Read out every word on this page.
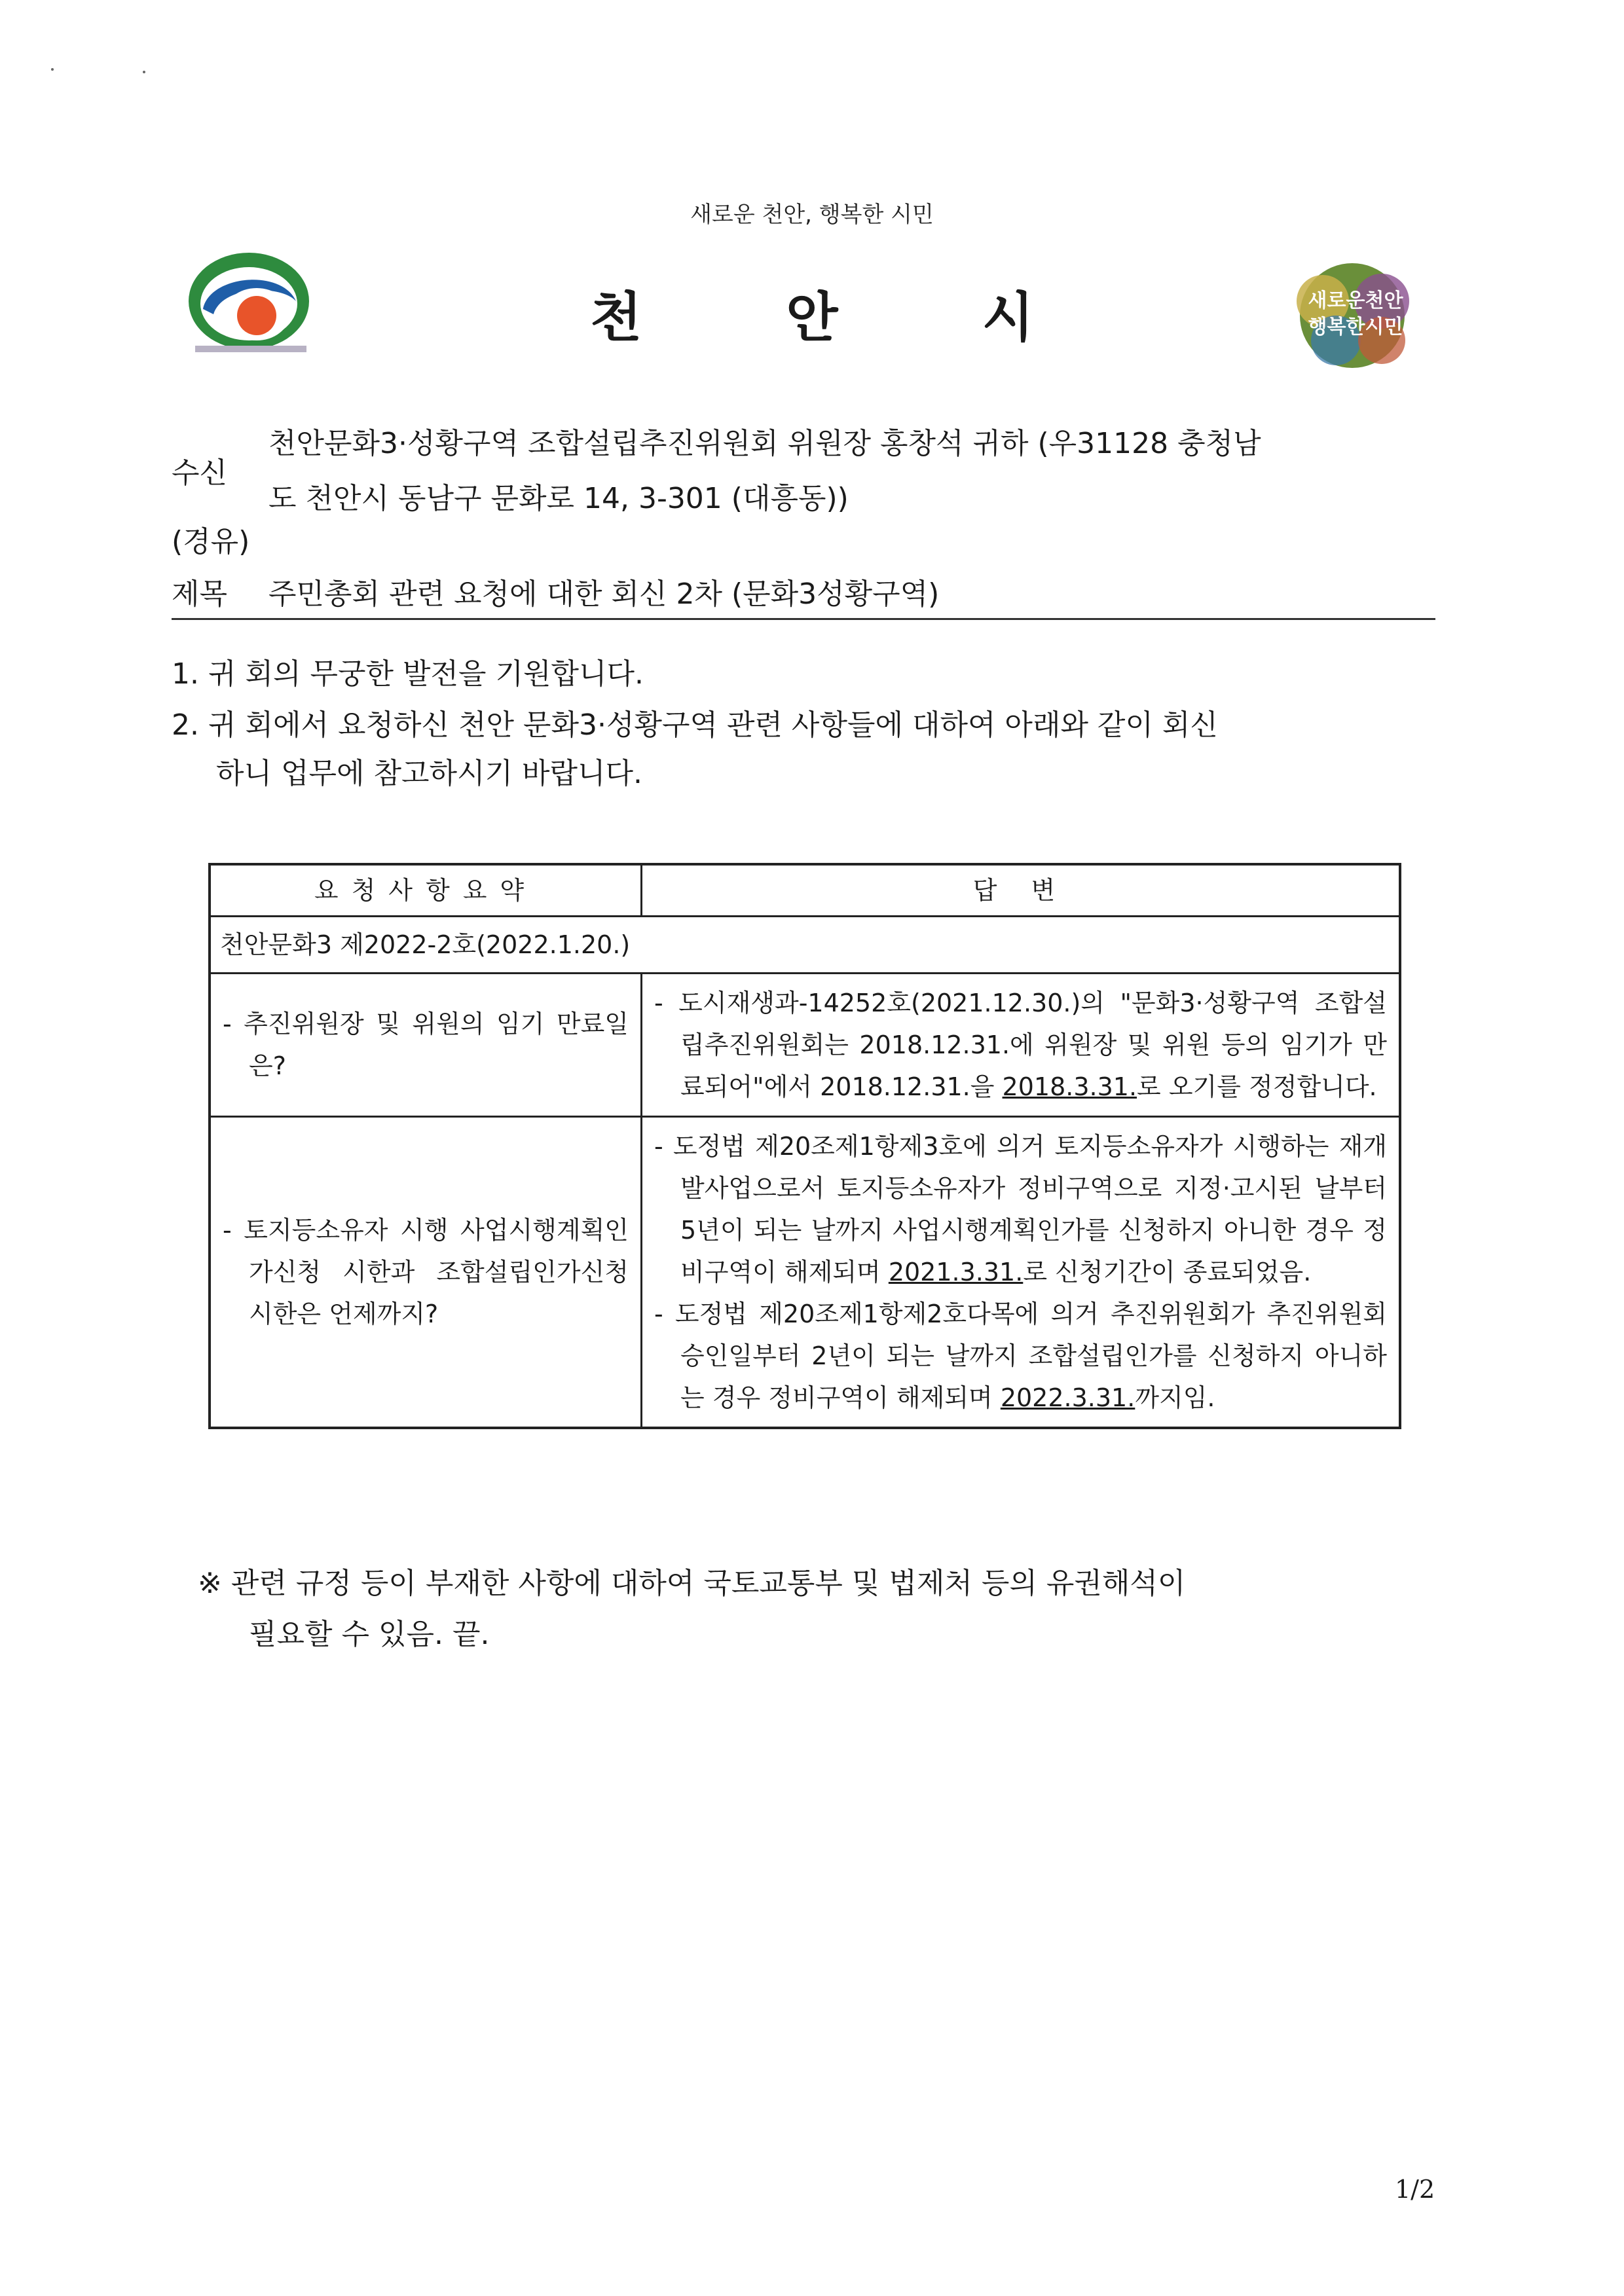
새로운 천안, 행복한 시민
천	안	시	새로운천안 행복한시민
수신
천안문화3·성황구역 조합설립추진위원회 위원장 홍창석 귀하 (우31128 충청남
도 천안시 동남구 문화로 14, 3-301 (대흥동))
(경유)
제목 주민총회 관련 요청에 대한 회신 2차 (문화3성황구역)
1. 귀 회의 무궁한 발전을 기원합니다.
2. 귀 회에서 요청하신 천안 문화3·성황구역 관련 사항들에 대하여 아래와 같이 회신
하니 업무에 참고하시기 바랍니다.
요청사항요약	답 변
천안문화3 제2022-2호(2022.1.20.)	

- 추진위원장 및 위원의 임기 만료일은?	- 도시재생과-14252호(2021.12.30.)의 "문화3·성황구역 조합설립추진위원회는 2018.12.31.에 위원장 및 위원 등의 임기가 만료되어"에서 2018.12.31.을 2018.3.31.로 오기를 정정합니다.

- 토지등소유자 시행 사업시행계획인가신청 시한과 조합설립인가신청 시한은 언제까지?	- 도정법 제20조제1항제3호에 의거 토지등소유자가 시행하는 재개발사업으로서 토지등소유자가 정비구역으로 지정·고시된 날부터 5년이 되는 날까지 사업시행계획인가를 신청하지 아니한 경우 정비구역이 해제되며 2021.3.31.로 신청기간이 종료되었음.
- 도정법 제20조제1항제2호다목에 의거 추진위원회가 추진위원회 승인일부터 2년이 되는 날까지 조합설립인가를 신청하지 아니하는 경우 정비구역이 해제되며 2022.3.31.까지임.
※ 관련 규정 등이 부재한 사항에 대하여 국토교통부 및 법제처 등의 유권해석이
필요할 수 있음. 끝.
1/2
